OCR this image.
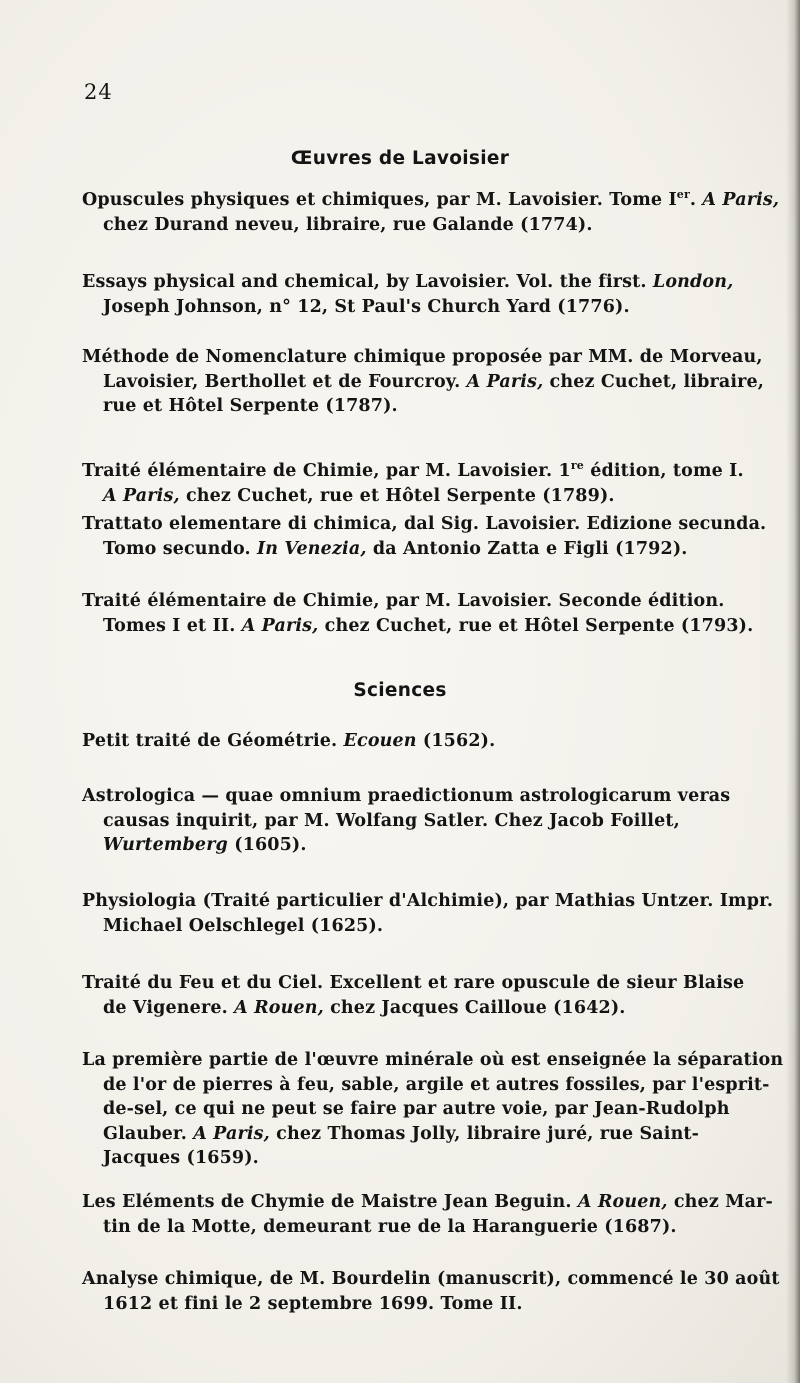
24
Œuvres de Lavoisier

Opuscules physiques et chimiques, par M. Lavoisier. Tome Ier. A Paris,

chez Durand neveu, libraire, rue Galande (1774).

Essays physical and chemical, by Lavoisier. Vol. the first. London,

Joseph Johnson, n° 12, St Paul's Church Yard (1776).

Méthode de Nomenclature chimique proposée par MM. de Morveau,

Lavoisier, Berthollet et de Fourcroy. A Paris, chez Cuchet, libraire,

rue et Hôtel Serpente (1787).

Traité élémentaire de Chimie, par M. Lavoisier. 1re édition, tome I.

A Paris, chez Cuchet, rue et Hôtel Serpente (1789).

Trattato elementare di chimica, dal Sig. Lavoisier. Edizione secunda.

Tomo secundo. In Venezia, da Antonio Zatta e Figli (1792).

Traité élémentaire de Chimie, par M. Lavoisier. Seconde édition.

Tomes I et II. A Paris, chez Cuchet, rue et Hôtel Serpente (1793).

Sciences

Petit traité de Géométrie. Ecouen (1562).

Astrologica — quae omnium praedictionum astrologicarum veras

causas inquirit, par M. Wolfang Satler. Chez Jacob Foillet,

Wurtemberg (1605).

Physiologia (Traité particulier d'Alchimie), par Mathias Untzer. Impr.

Michael Oelschlegel (1625).

Traité du Feu et du Ciel. Excellent et rare opuscule de sieur Blaise

de Vigenere. A Rouen, chez Jacques Cailloue (1642).

La première partie de l'œuvre minérale où est enseignée la séparation

de l'or de pierres à feu, sable, argile et autres fossiles, par l'esprit-

de-sel, ce qui ne peut se faire par autre voie, par Jean-Rudolph

Glauber. A Paris, chez Thomas Jolly, libraire juré, rue Saint-

Jacques (1659).

Les Eléments de Chymie de Maistre Jean Beguin. A Rouen, chez Mar-

tin de la Motte, demeurant rue de la Haranguerie (1687).

Analyse chimique, de M. Bourdelin (manuscrit), commencé le 30 août

1612 et fini le 2 septembre 1699. Tome II.
